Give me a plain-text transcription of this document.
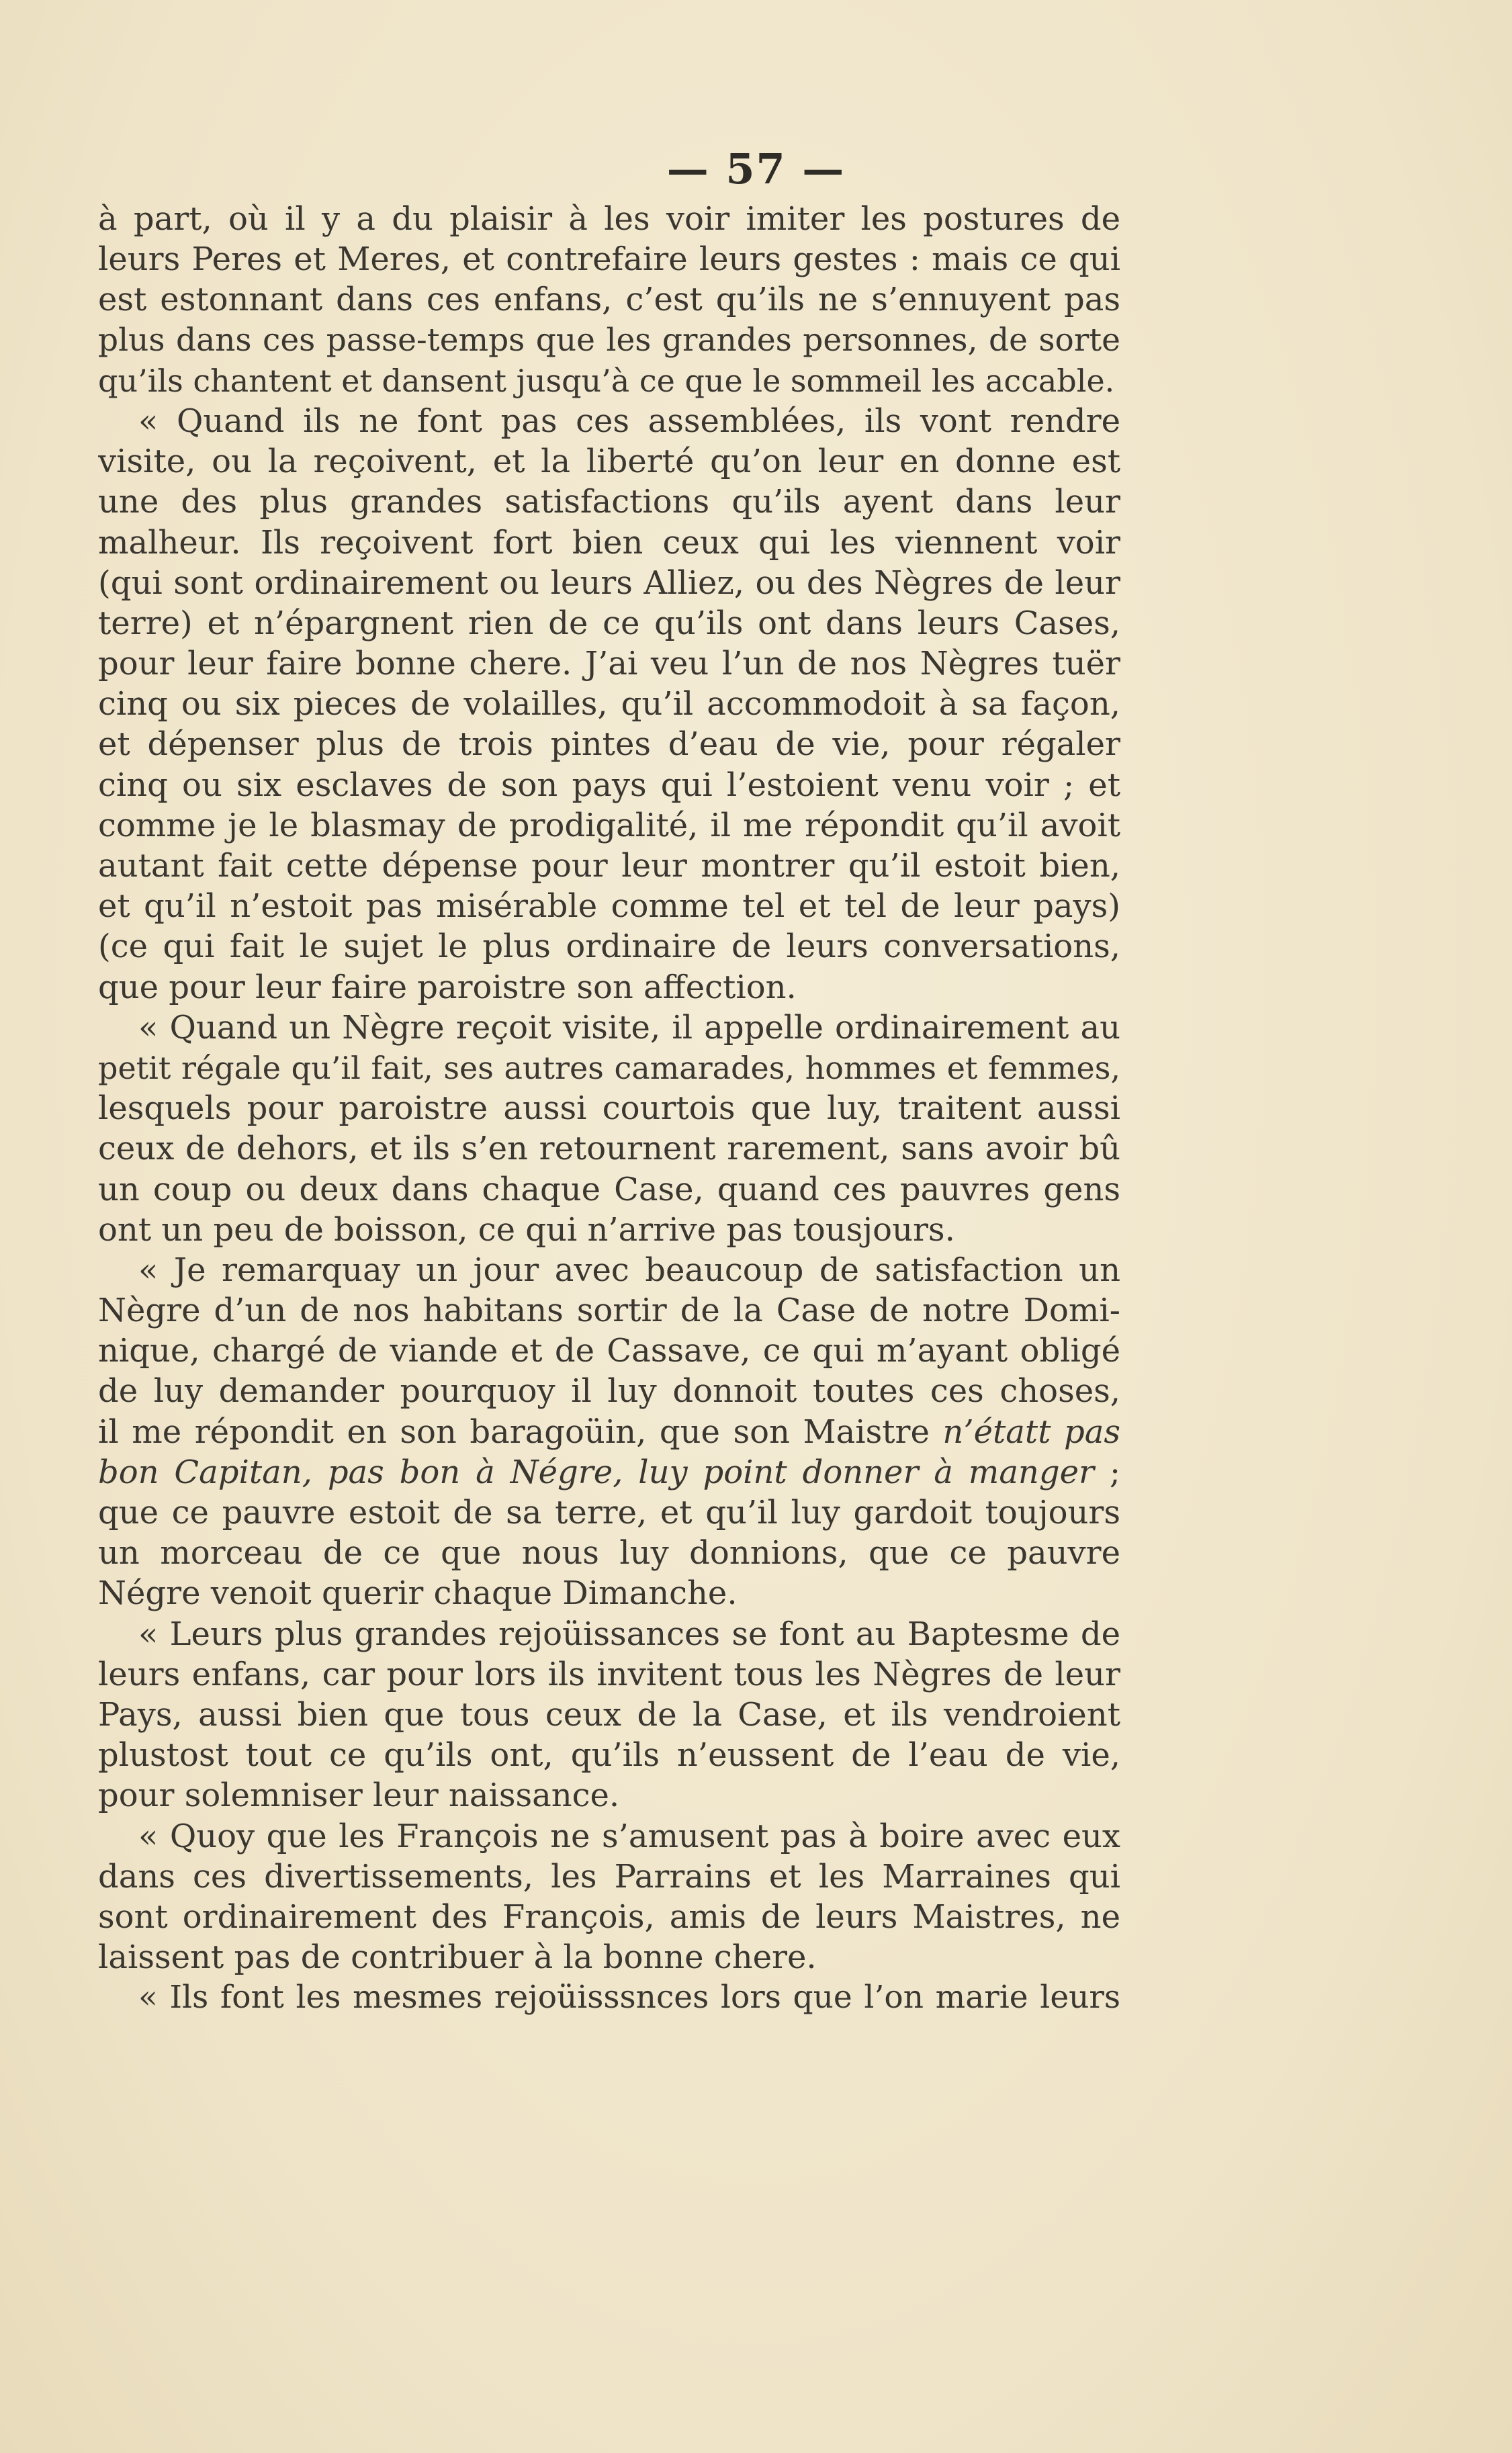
— 57 —
à part, où il y a du plaisir à les voir imiter les postures de
leurs Peres et Meres, et contrefaire leurs gestes : mais ce qui
est estonnant dans ces enfans, c’est qu’ils ne s’ennuyent pas
plus dans ces passe-temps que les grandes personnes, de sorte
qu’ils chantent et dansent jusqu’à ce que le sommeil les accable.
« Quand ils ne font pas ces assemblées, ils vont rendre
visite, ou la reçoivent, et la liberté qu’on leur en donne est
une des plus grandes satisfactions qu’ils ayent dans leur
malheur. Ils reçoivent fort bien ceux qui les viennent voir
(qui sont ordinairement ou leurs Alliez, ou des Nègres de leur
terre) et n’épargnent rien de ce qu’ils ont dans leurs Cases,
pour leur faire bonne chere. J’ai veu l’un de nos Nègres tuër
cinq ou six pieces de volailles, qu’il accommodoit à sa façon,
et dépenser plus de trois pintes d’eau de vie, pour régaler
cinq ou six esclaves de son pays qui l’estoient venu voir ; et
comme je le blasmay de prodigalité, il me répondit qu’il avoit
autant fait cette dépense pour leur montrer qu’il estoit bien,
et qu’il n’estoit pas misérable comme tel et tel de leur pays)
(ce qui fait le sujet le plus ordinaire de leurs conversations,
que pour leur faire paroistre son affection.
« Quand un Nègre reçoit visite, il appelle ordinairement au
petit régale qu’il fait, ses autres camarades, hommes et femmes,
lesquels pour paroistre aussi courtois que luy, traitent aussi
ceux de dehors, et ils s’en retournent rarement, sans avoir bû
un coup ou deux dans chaque Case, quand ces pauvres gens
ont un peu de boisson, ce qui n’arrive pas tousjours.
« Je remarquay un jour avec beaucoup de satisfaction un
Nègre d’un de nos habitans sortir de la Case de notre Domi-
nique, chargé de viande et de Cassave, ce qui m’ayant obligé
de luy demander pourquoy il luy donnoit toutes ces choses,
il me répondit en son baragoüin, que son Maistre n’étatt pas
bon Capitan, pas bon à Négre, luy point donner à manger ;
que ce pauvre estoit de sa terre, et qu’il luy gardoit toujours
un morceau de ce que nous luy donnions, que ce pauvre
Négre venoit querir chaque Dimanche.
« Leurs plus grandes rejoüissances se font au Baptesme de
leurs enfans, car pour lors ils invitent tous les Nègres de leur
Pays, aussi bien que tous ceux de la Case, et ils vendroient
plustost tout ce qu’ils ont, qu’ils n’eussent de l’eau de vie,
pour solemniser leur naissance.
« Quoy que les François ne s’amusent pas à boire avec eux
dans ces divertissements, les Parrains et les Marraines qui
sont ordinairement des François, amis de leurs Maistres, ne
laissent pas de contribuer à la bonne chere.
« Ils font les mesmes rejoüisssnces lors que l’on marie leurs
